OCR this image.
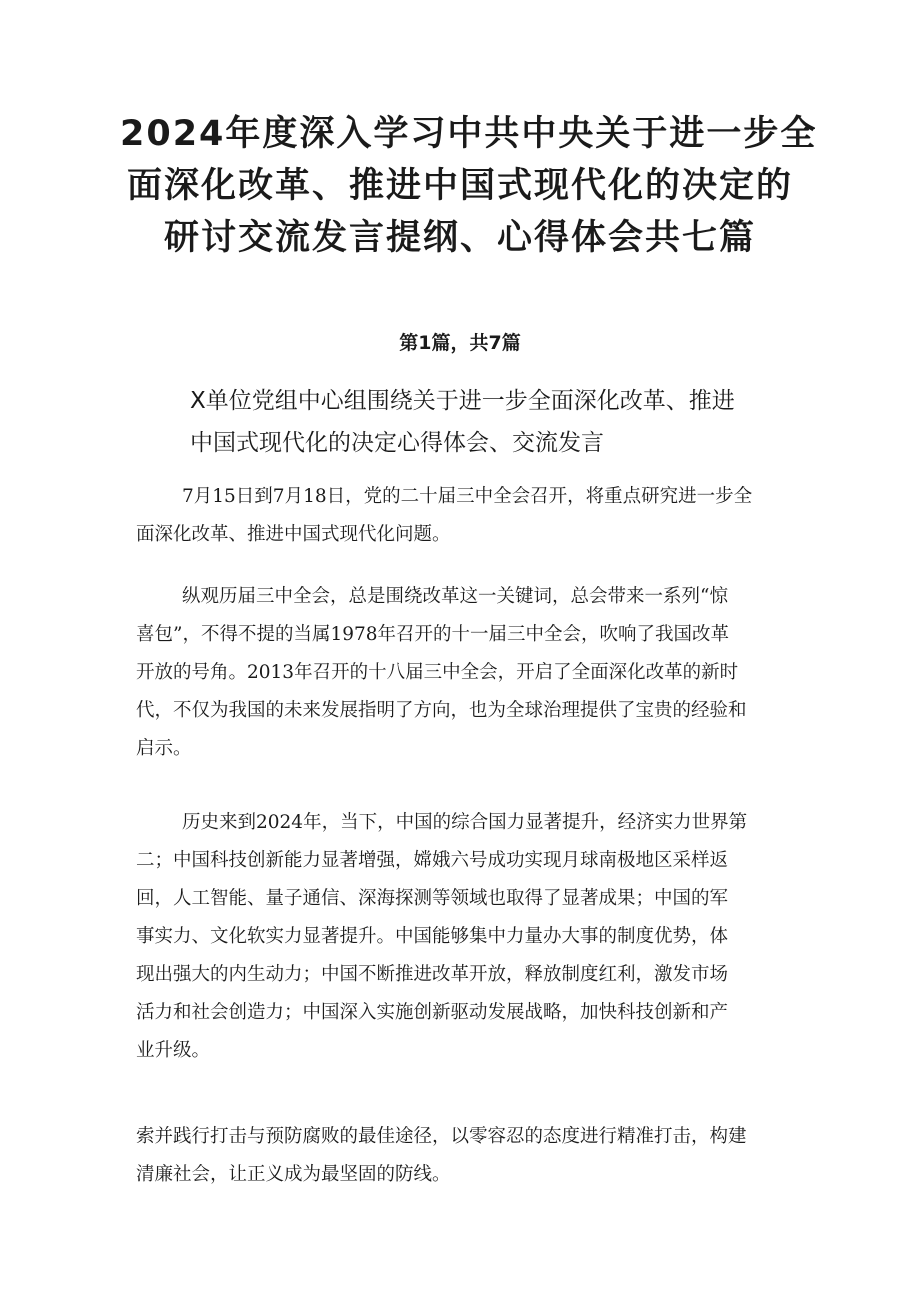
2024年度深入学习中共中央关于进一步全
面深化改革、推进中国式现代化的决定的
研讨交流发言提纲、心得体会共七篇
第1篇，共7篇
X单位党组中心组围绕关于进一步全面深化改革、推进
中国式现代化的决定心得体会、交流发言

7月15日到7月18日，党的二十届三中全会召开，将重点研究进一步全
面深化改革、推进中国式现代化问题。

纵观历届三中全会，总是围绕改革这一关键词，总会带来一系列“惊
喜包”，不得不提的当属1978年召开的十一届三中全会，吹响了我国改革
开放的号角。2013年召开的十八届三中全会，开启了全面深化改革的新时
代，不仅为我国的未来发展指明了方向，也为全球治理提供了宝贵的经验和
启示。

历史来到2024年，当下，中国的综合国力显著提升，经济实力世界第
二；中国科技创新能力显著增强，嫦娥六号成功实现月球南极地区采样返
回，人工智能、量子通信、深海探测等领域也取得了显著成果；中国的军
事实力、文化软实力显著提升。中国能够集中力量办大事的制度优势，体
现出强大的内生动力；中国不断推进改革开放，释放制度红利，激发市场
活力和社会创造力；中国深入实施创新驱动发展战略，加快科技创新和产
业升级。

索并践行打击与预防腐败的最佳途径，以零容忍的态度进行精准打击，构建
清廉社会，让正义成为最坚固的防线。
